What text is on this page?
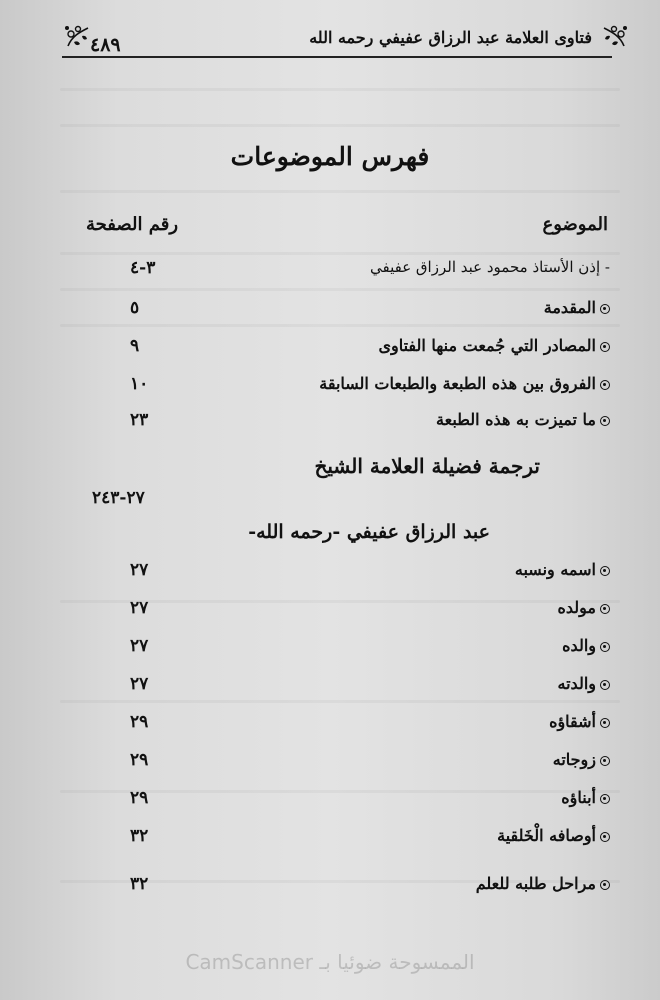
٤٨٩	فتاوى العلامة عبد الرزاق عفيفي رحمه الله
فهرس الموضوعات
الموضوع
رقم الصفحة
- إذن الأستاذ محمود عبد الرزاق عفيفي
٣-٤
المقدمة
٥
المصادر التي جُمعت منها الفتاوى
٩
الفروق بين هذه الطبعة والطبعات السابقة
١٠
ما تميزت به هذه الطبعة
٢٣
ترجمة فضيلة العلامة الشيخ
٢٧-٢٤٣
عبد الرزاق عفيفي -رحمه الله-
اسمه ونسبه
٢٧
مولده
٢٧
والده
٢٧
والدته
٢٧
أشقاؤه
٢٩
زوجاته
٢٩
أبناؤه
٢٩
أوصافه الْخَلقية
٣٢
مراحل طلبه للعلم
٣٢
الممسوحة ضوئيا بـ CamScanner
